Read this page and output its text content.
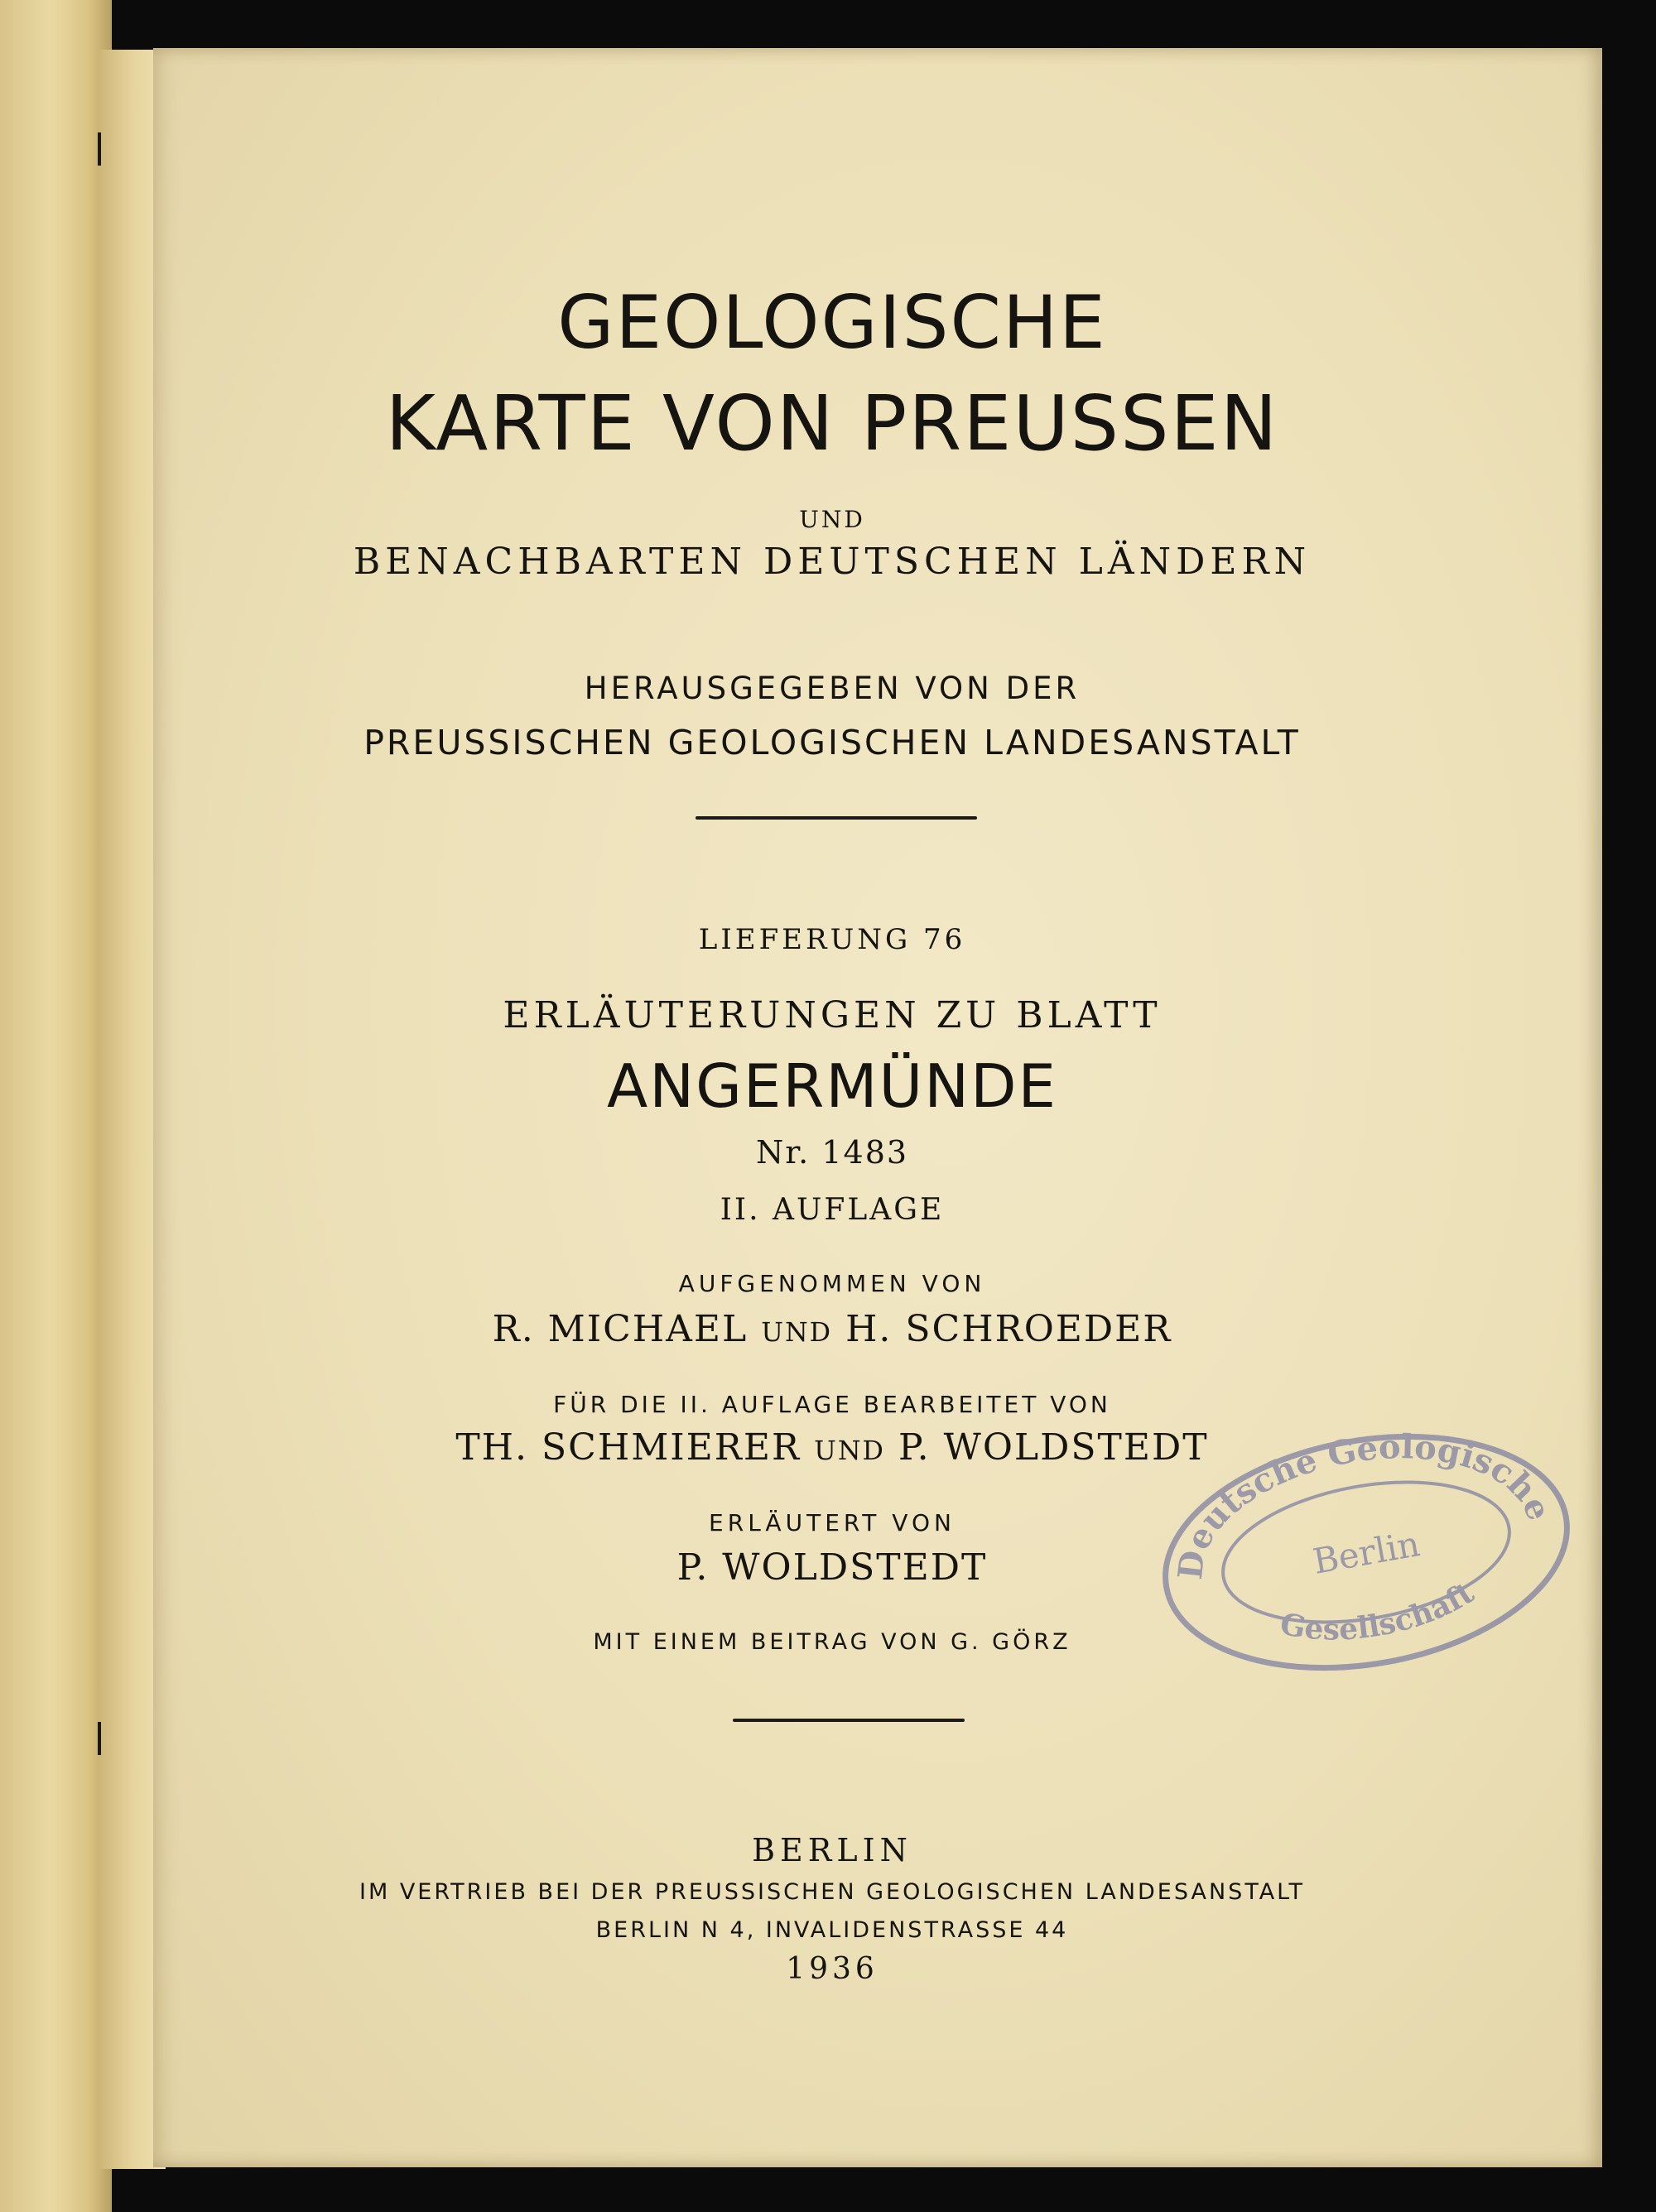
GEOLOGISCHE
KARTE VON PREUSSEN
UND
BENACHBARTEN DEUTSCHEN LÄNDERN
HERAUSGEGEBEN VON DER
PREUSSISCHEN GEOLOGISCHEN LANDESANSTALT
LIEFERUNG 76
ERLÄUTERUNGEN ZU BLATT
ANGERMÜNDE
Nr. 1483
II. AUFLAGE
AUFGENOMMEN VON
R. MICHAEL UND H. SCHROEDER
FÜR DIE II. AUFLAGE BEARBEITET VON
TH. SCHMIERER UND P. WOLDSTEDT
ERLÄUTERT VON
P. WOLDSTEDT
MIT EINEM BEITRAG VON G. GÖRZ
BERLIN
IM VERTRIEB BEI DER PREUSSISCHEN GEOLOGISCHEN LANDESANSTALT
BERLIN N 4, INVALIDENSTRASSE 44
1936
Deutsche Geologische
Berlin
Gesellschaft
